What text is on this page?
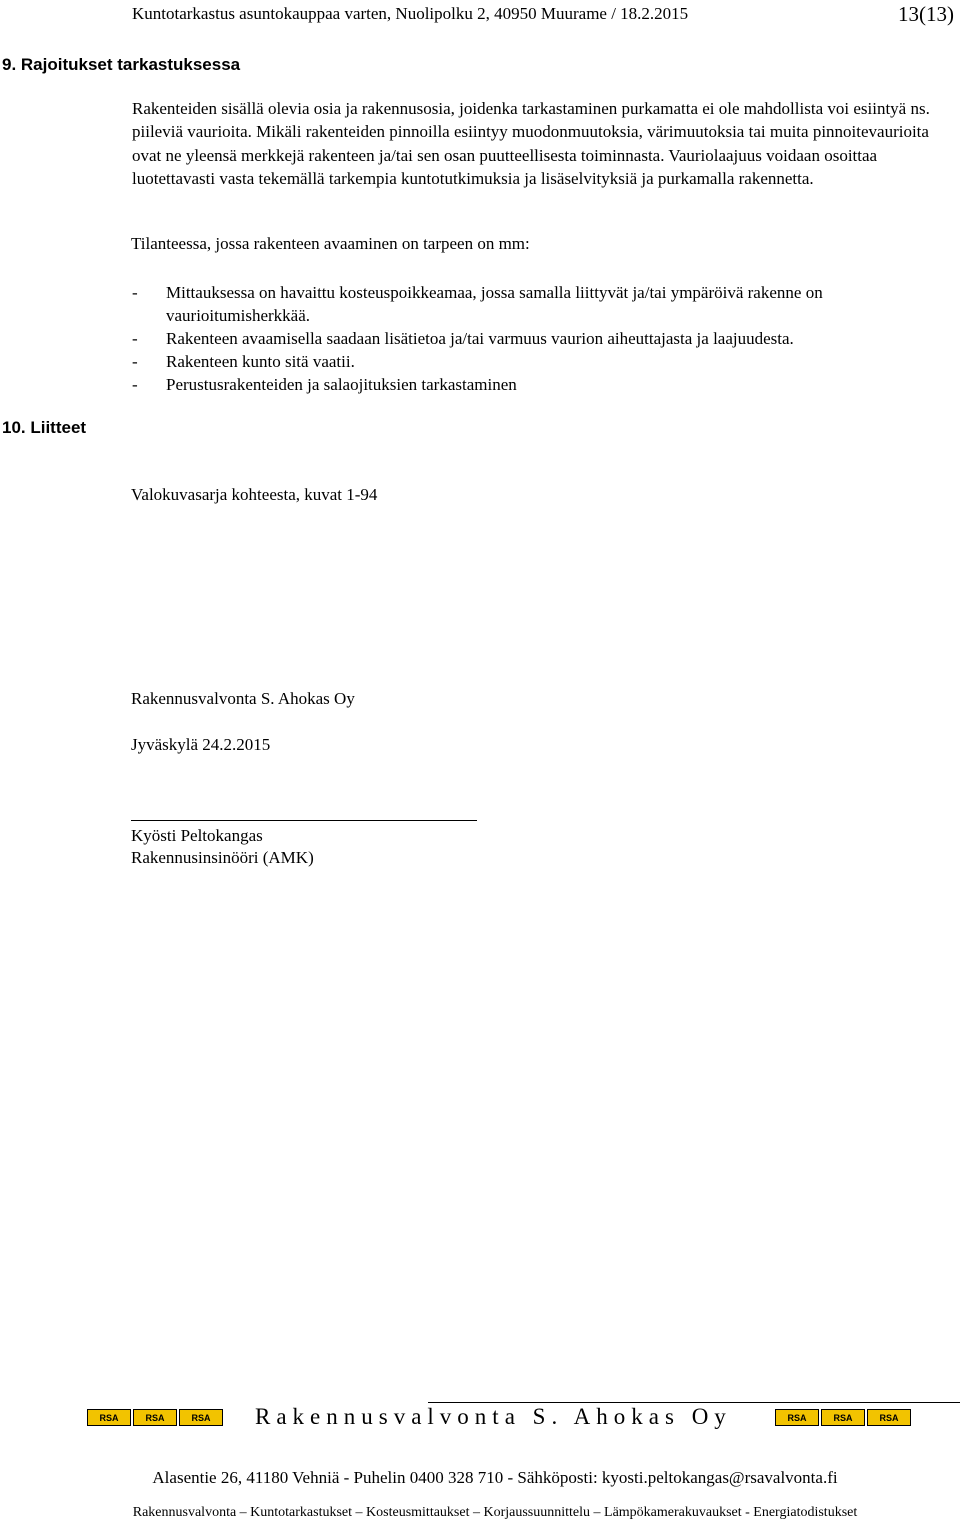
Kuntotarkastus asuntokauppaa varten, Nuolipolku 2, 40950 Muurame / 18.2.2015	13(13)
9. Rajoitukset tarkastuksessa

Rakenteiden sisällä olevia osia ja rakennusosia, joidenka tarkastaminen purkamatta ei ole mahdollista voi esiintyä ns. piileviä vaurioita. Mikäli rakenteiden pinnoilla esiintyy muodonmuutoksia, värimuutoksia tai muita pinnoitevaurioita ovat ne yleensä merkkejä rakenteen ja/tai sen osan puutteellisesta toiminnasta. Vauriolaajuus voidaan osoittaa luotettavasti vasta tekemällä tarkempia kuntotutkimuksia ja lisäselvityksiä ja purkamalla rakennetta.

Tilanteessa, jossa rakenteen avaaminen on tarpeen on mm:
-	Mittauksessa on havaittu kosteuspoikkeamaa, jossa samalla liittyvät ja/tai ympäröivä rakenne on vaurioitumisherkkää.
-	Rakenteen avaamisella saadaan lisätietoa ja/tai varmuus vaurion aiheuttajasta ja laajuudesta.
-	Rakenteen kunto sitä vaatii.
-	Perustusrakenteiden ja salaojituksien tarkastaminen
10. Liitteet
Valokuvasarja kohteesta, kuvat 1-94
Rakennusvalvonta S. Ahokas Oy
Jyväskylä 24.2.2015
Kyösti Peltokangas
Rakennusinsinööri (AMK)
RSA	RSA	RSA	Rakennusvalvonta S. Ahokas Oy	RSA	RSA	RSA
Alasentie 26, 41180 Vehniä - Puhelin 0400 328 710 - Sähköposti: kyosti.peltokangas@rsavalvonta.fi
Rakennusvalvonta – Kuntotarkastukset – Kosteusmittaukset – Korjaussuunnittelu – Lämpökamerakuvaukset - Energiatodistukset
